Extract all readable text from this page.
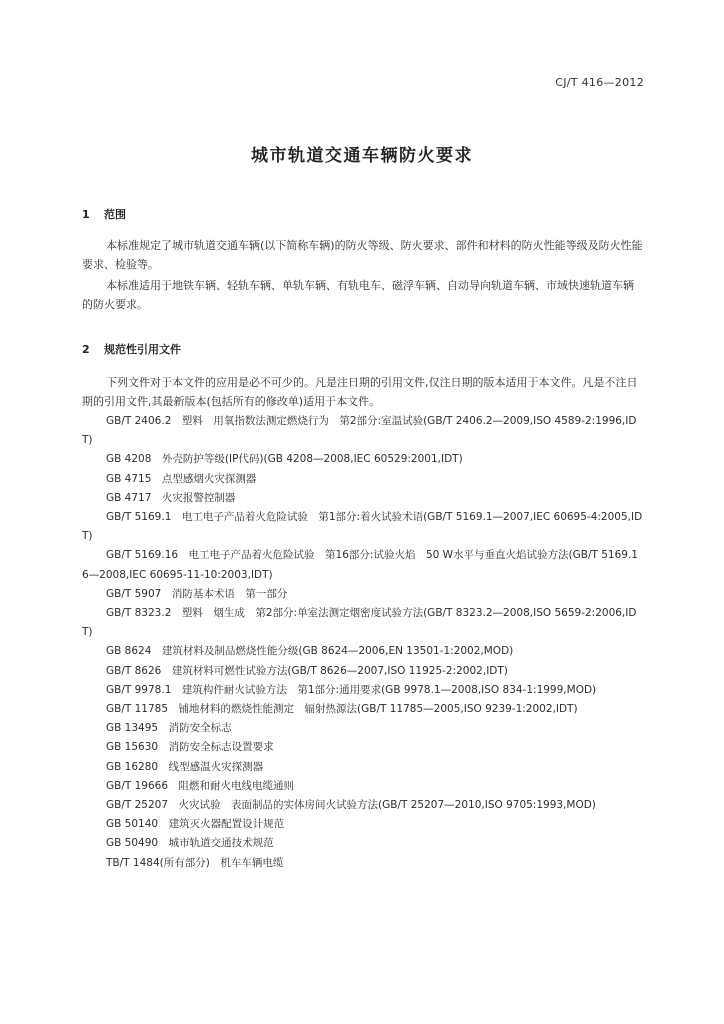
CJ/T 416—2012
城市轨道交通车辆防火要求
1 范围
本标准规定了城市轨道交通车辆(以下简称车辆)的防火等级、防火要求、部件和材料的防火性能等级及防火性能要求、检验等。
本标准适用于地铁车辆、轻轨车辆、单轨车辆、有轨电车、磁浮车辆、自动导向轨道车辆、市域快速轨道车辆的防火要求。
2 规范性引用文件
下列文件对于本文件的应用是必不可少的。凡是注日期的引用文件,仅注日期的版本适用于本文件。凡是不注日期的引用文件,其最新版本(包括所有的修改单)适用于本文件。
GB/T 2406.2　塑料　用氧指数法测定燃烧行为　第2部分:室温试验(GB/T 2406.2—2009,ISO 4589-2:1996,IDT)
GB 4208　外壳防护等级(IP代码)(GB 4208—2008,IEC 60529:2001,IDT)
GB 4715　点型感烟火灾探测器
GB 4717　火灾报警控制器
GB/T 5169.1　电工电子产品着火危险试验　第1部分:着火试验术语(GB/T 5169.1—2007,IEC 60695-4:2005,IDT)
GB/T 5169.16　电工电子产品着火危险试验　第16部分:试验火焰　50 W水平与垂直火焰试验方法(GB/T 5169.16—2008,IEC 60695-11-10:2003,IDT)
GB/T 5907　消防基本术语　第一部分
GB/T 8323.2　塑料　烟生成　第2部分:单室法测定烟密度试验方法(GB/T 8323.2—2008,ISO 5659-2:2006,IDT)
GB 8624　建筑材料及制品燃烧性能分级(GB 8624—2006,EN 13501-1:2002,MOD)
GB/T 8626　建筑材料可燃性试验方法(GB/T 8626—2007,ISO 11925-2:2002,IDT)
GB/T 9978.1　建筑构件耐火试验方法　第1部分:通用要求(GB 9978.1—2008,ISO 834-1:1999,MOD)
GB/T 11785　铺地材料的燃烧性能测定　辐射热源法(GB/T 11785—2005,ISO 9239-1:2002,IDT)
GB 13495　消防安全标志
GB 15630　消防安全标志设置要求
GB 16280　线型感温火灾探测器
GB/T 19666　阻燃和耐火电线电缆通则
GB/T 25207　火灾试验　表面制品的实体房间火试验方法(GB/T 25207—2010,ISO 9705:1993,MOD)
GB 50140　建筑灭火器配置设计规范
GB 50490　城市轨道交通技术规范
TB/T 1484(所有部分)　机车车辆电缆
